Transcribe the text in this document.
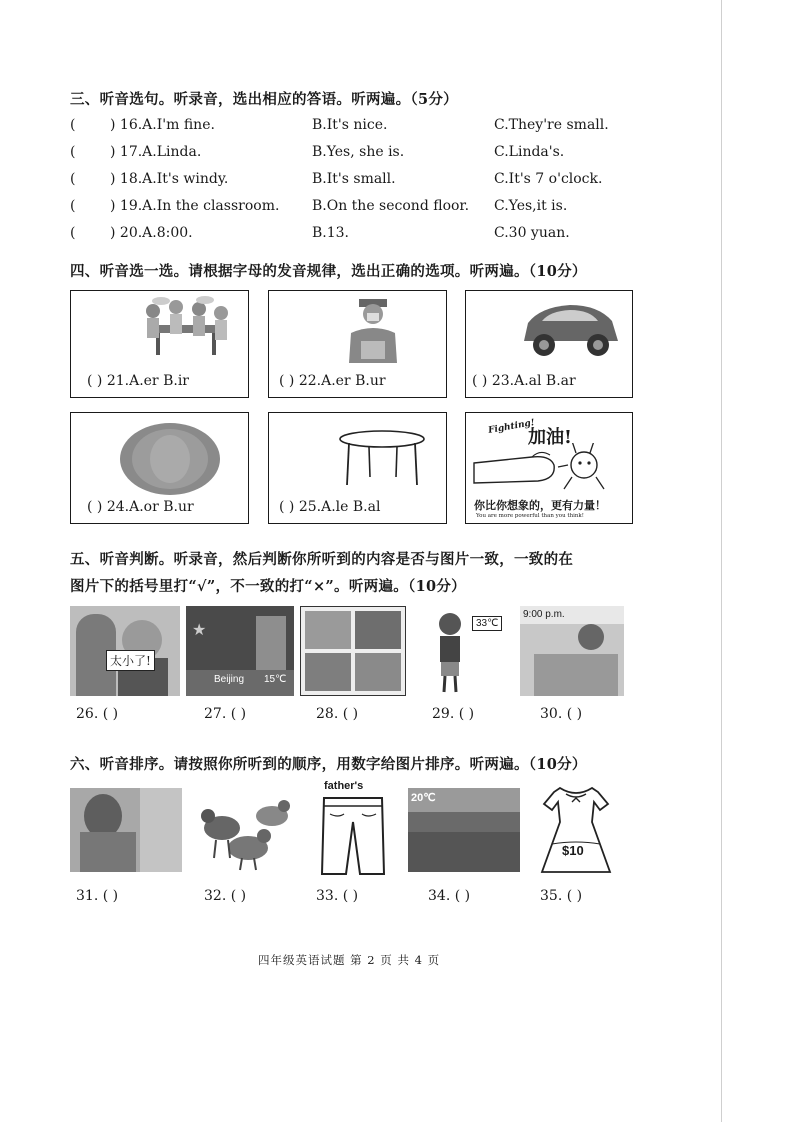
三、听音选句。听录音，选出相应的答语。听两遍。（5分）
( ) 16.A.I'm fine.	B.It's nice.	C.They're small.
( ) 17.A.Linda.	B.Yes, she is.	C.Linda's.
( ) 18.A.It's windy.	B.It's small.	C.It's 7 o'clock.
( ) 19.A.In the classroom. B.On the second floor. C.Yes,it is.
( ) 20.A.8:00.	B.13.	C.30 yuan.
四、听音选一选。请根据字母的发音规律，选出正确的选项。听两遍。（10分）
( ) 21.A.er B.ir	( ) 22.A.er B.ur	( ) 23.A.al B.ar
( ) 24.A.or B.ur	( ) 25.A.le B.al
Fighting!
加油!
你比你想象的，更有力量！
You are more powerful than you think!
五、听音判断。听录音，然后判断你所听到的内容是否与图片一致，一致的在
图片下的括号里打“√”，不一致的打“×”。听两遍。（10分）
太小了!
26. ( )
★
Beijing 15℃
27. ( )	28. ( )
33℃
29. ( )
9:00 p.m.
30. ( )
六、听音排序。请按照你所听到的顺序，用数字给图片排序。听两遍。（10分）
31. ( )	32. ( )
father's
33. ( )
20℃
34. ( )
$10
35. ( )
四年级英语试题 第 2 页 共 4 页
